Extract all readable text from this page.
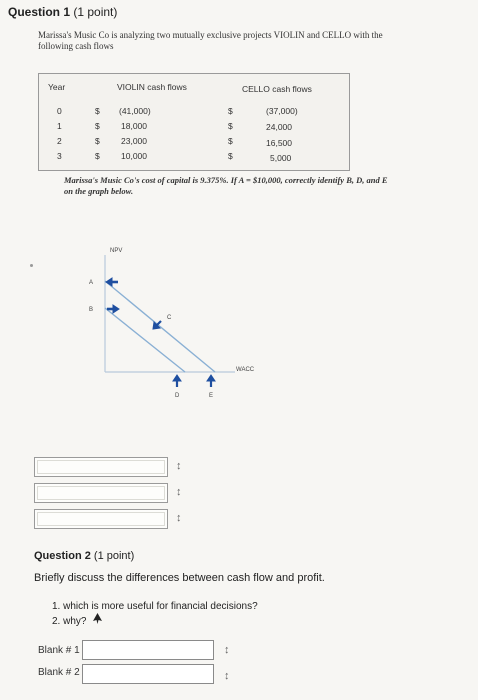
Question 1 (1 point)
Marissa's Music Co is analyzing two mutually exclusive projects VIOLIN and CELLO with the
following cash flows
Year	VIOLIN cash flows	CELLO cash flows
0	$ (41,000)	$	(37,000)
1	$	18,000	$	24,000
2	$	23,000	$	16,500
3	$	10,000	$	5,000
Marissa's Music Co's cost of capital is 9.375%. If A = $10,000, correctly identify B, D, and E
on the graph below.
NPV
WACC
A
B
C
D	E
↕
↕
↕
Question 2 (1 point)
Briefly discuss the differences between cash flow and profit.
1. which is more useful for financial decisions?
2. why?
Blank # 1	↕
Blank # 2	↕
